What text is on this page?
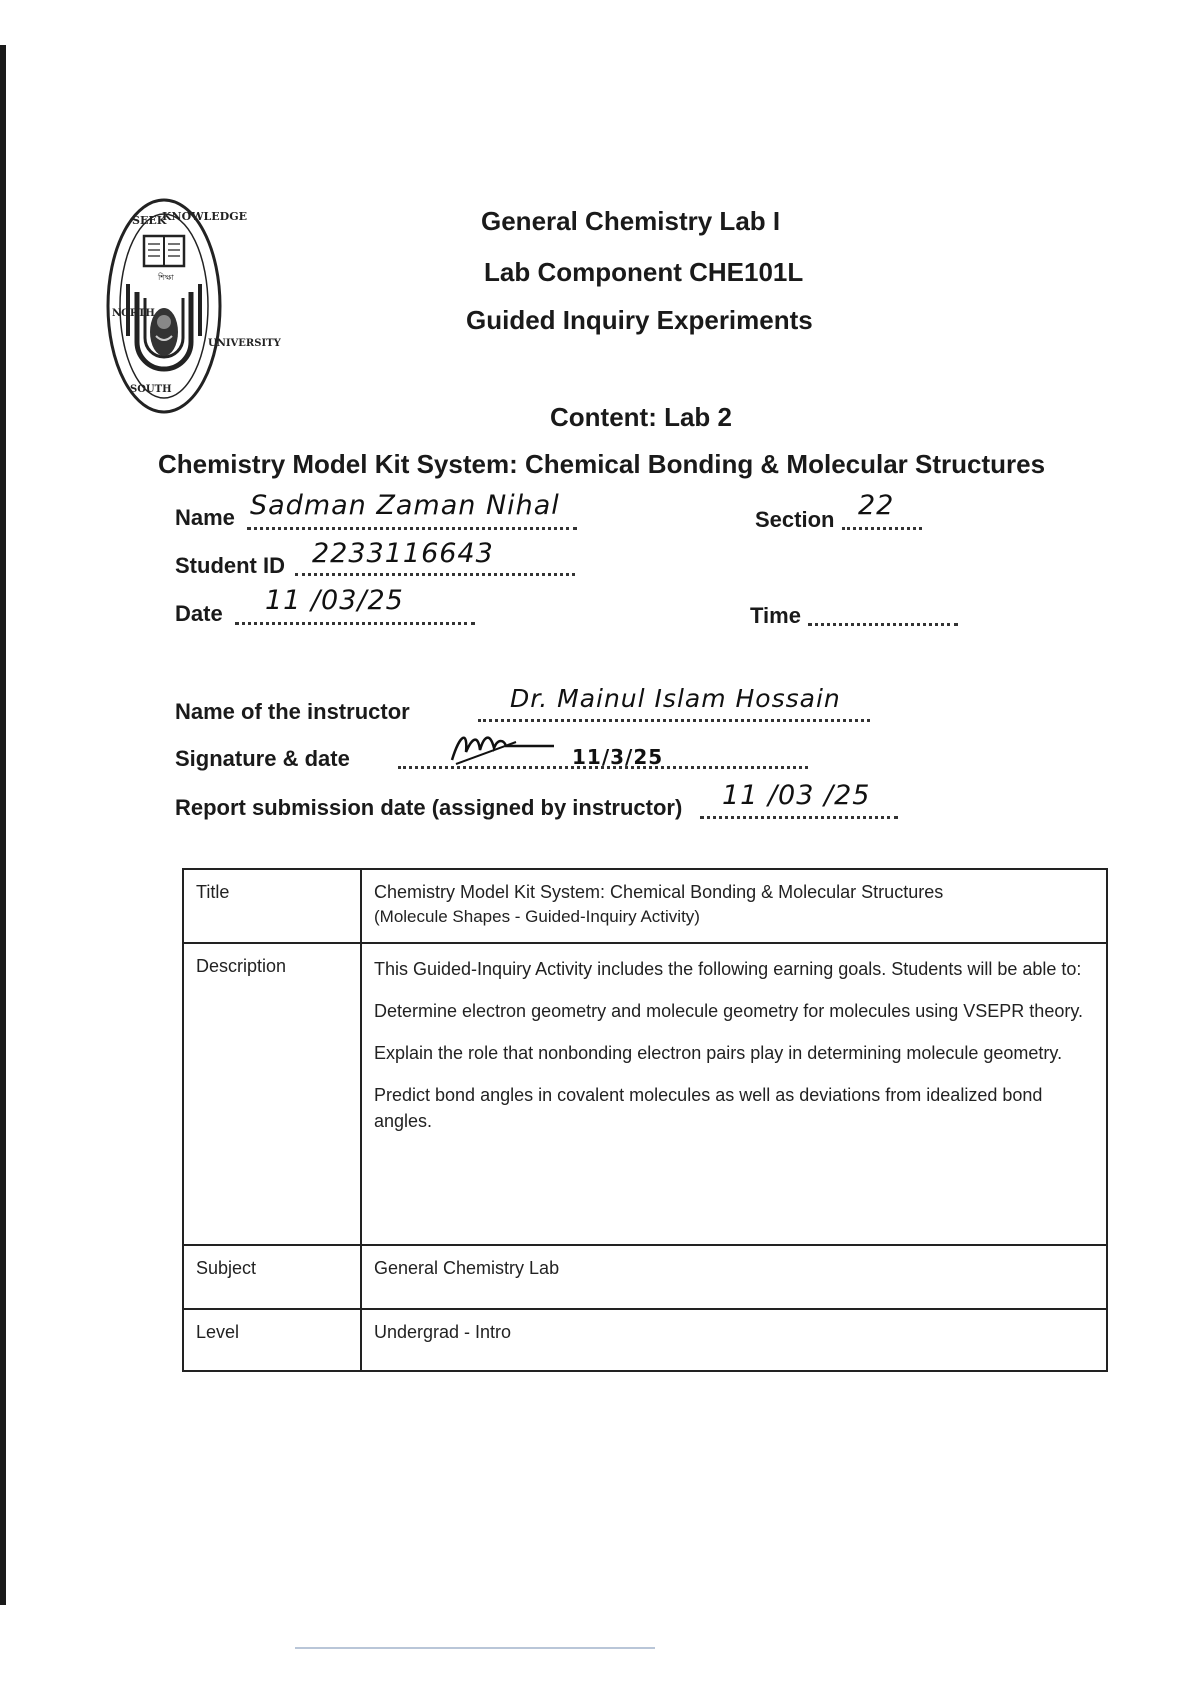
SEEKKNOWLEDGE
শিক্ষা
NORTH SOUTH UNIVERSITY
General Chemistry Lab I
Lab Component CHE101L
Guided Inquiry Experiments
Content: Lab 2
Chemistry Model Kit System: Chemical Bonding & Molecular Structures
Name Sadman Zaman Nihal	Section 22
Student ID 2233116643
Date 11 /03/25	Time
Name of the instructor	Dr. Mainul Islam Hossain
Signature & date	11/3/25
Report submission date (assigned by instructor) 11 /03 /25
Title	Chemistry Model Kit System: Chemical Bonding & Molecular Structures
(Molecule Shapes - Guided-Inquiry Activity)

Description	This Guided-Inquiry Activity includes the following earning goals. Students will be able to:

Determine electron geometry and molecule geometry for molecules using VSEPR theory.

Explain the role that nonbonding electron pairs play in determining molecule geometry.

Predict bond angles in covalent molecules as well as deviations from idealized bond angles.

Subject	General Chemistry Lab
Level	Undergrad - Intro
